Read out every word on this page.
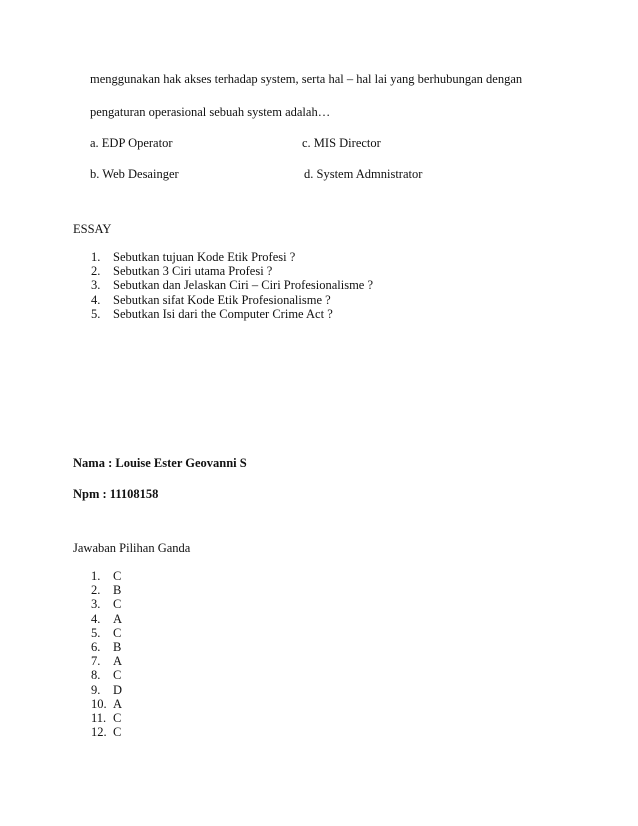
menggunakan hak akses terhadap system, serta hal – hal lai yang berhubungan dengan
pengaturan operasional sebuah system adalah…
a. EDP Operator	c. MIS Director
b. Web Desainger	d. System Admnistrator
ESSAY
1. Sebutkan tujuan Kode Etik Profesi ?
2. Sebutkan 3 Ciri utama Profesi ?
3. Sebutkan dan Jelaskan Ciri – Ciri Profesionalisme ?
4. Sebutkan sifat Kode Etik Profesionalisme ?
5. Sebutkan Isi dari the Computer Crime Act ?
Nama : Louise Ester Geovanni S
Npm : 11108158
Jawaban Pilihan Ganda
1. C
2. B
3. C
4. A
5. C
6. B
7. A
8. C
9. D
10. A
11. C
12. C
